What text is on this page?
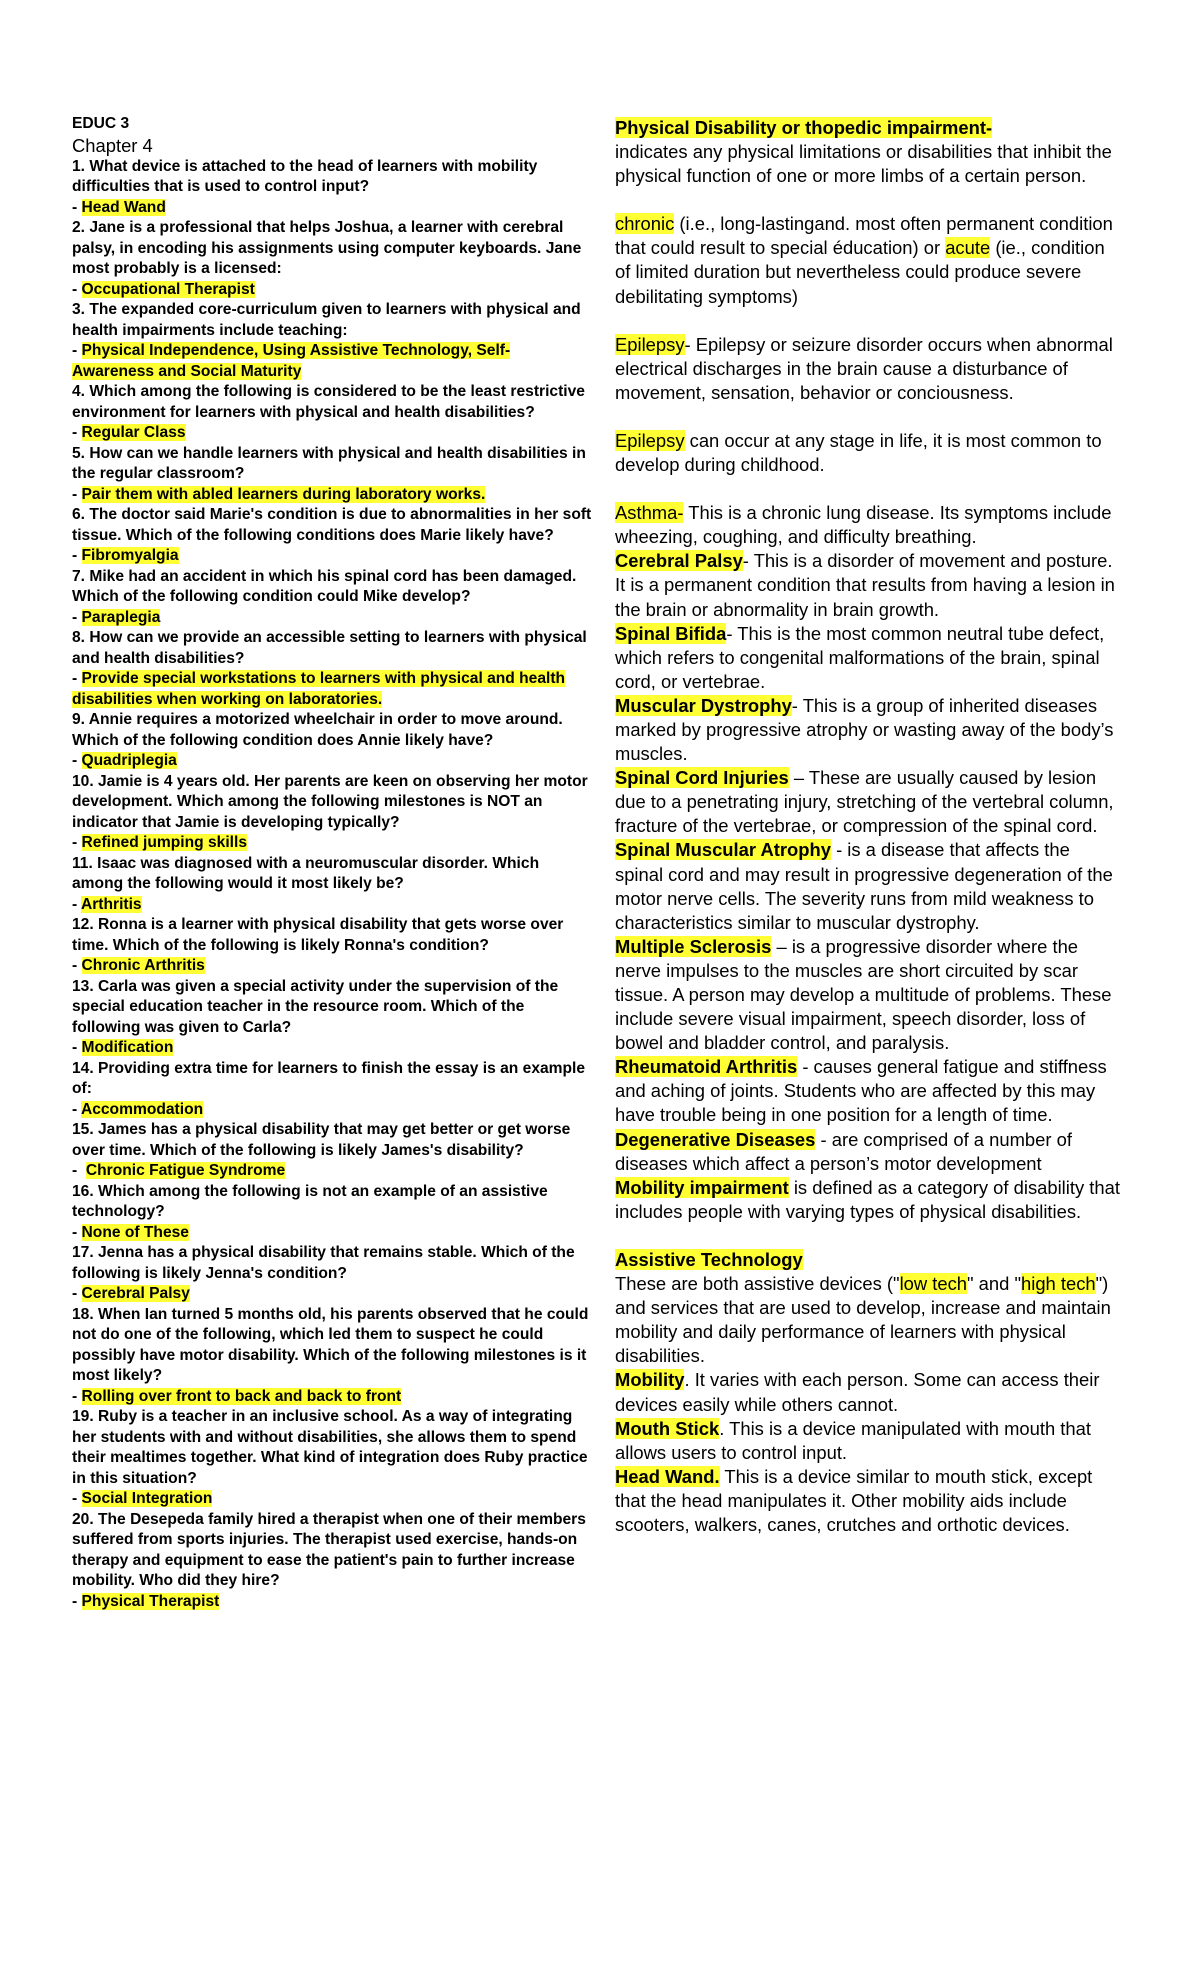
EDUC 3
Chapter 4
1. What device is attached to the head of learners with mobility difficulties that is used to control input?
- Head Wand
2. Jane is a professional that helps Joshua, a learner with cerebral palsy, in encoding his assignments using computer keyboards. Jane most probably is a licensed:
- Occupational Therapist
3. The expanded core-curriculum given to learners with physical and health impairments include teaching:
- Physical Independence, Using Assistive Technology, Self-Awareness and Social Maturity
4. Which among the following is considered to be the least restrictive environment for learners with physical and health disabilities?
- Regular Class
5. How can we handle learners with physical and health disabilities in the regular classroom?
- Pair them with abled learners during laboratory works.
6. The doctor said Marie's condition is due to abnormalities in her soft tissue. Which of the following conditions does Marie likely have?
- Fibromyalgia
7. Mike had an accident in which his spinal cord has been damaged. Which of the following condition could Mike develop?
- Paraplegia
8. How can we provide an accessible setting to learners with physical and health disabilities?
- Provide special workstations to learners with physical and health disabilities when working on laboratories.
9. Annie requires a motorized wheelchair in order to move around. Which of the following condition does Annie likely have?
- Quadriplegia
10. Jamie is 4 years old. Her parents are keen on observing her motor development. Which among the following milestones is NOT an indicator that Jamie is developing typically?
- Refined jumping skills
11. Isaac was diagnosed with a neuromuscular disorder. Which among the following would it most likely be?
- Arthritis
12. Ronna is a learner with physical disability that gets worse over time. Which of the following is likely Ronna's condition?
- Chronic Arthritis
13. Carla was given a special activity under the supervision of the special education teacher in the resource room. Which of the following was given to Carla?
- Modification
14. Providing extra time for learners to finish the essay is an example of:
- Accommodation
15. James has a physical disability that may get better or get worse over time. Which of the following is likely James's disability?
-  Chronic Fatigue Syndrome
16. Which among the following is not an example of an assistive technology?
- None of These
17. Jenna has a physical disability that remains stable. Which of the following is likely Jenna's condition?
- Cerebral Palsy
18. When Ian turned 5 months old, his parents observed that he could not do one of the following, which led them to suspect he could possibly have motor disability. Which of the following milestones is it most likely?
- Rolling over front to back and back to front
19. Ruby is a teacher in an inclusive school. As a way of integrating her students with and without disabilities, she allows them to spend their mealtimes together. What kind of integration does Ruby practice in this situation?
- Social Integration
20. The Desepeda family hired a therapist when one of their members suffered from sports injuries. The therapist used exercise, hands-on therapy and equipment to ease the patient's pain to further increase mobility. Who did they hire?
- Physical Therapist

Physical Disability or thopedic impairment-
indicates any physical limitations or disabilities that inhibit the physical function of one or more limbs of a certain person.

chronic (i.e., long-lastingand. most often permanent condition that could result to special éducation) or acute (ie., condition of limited duration but nevertheless could produce severe debilitating symptoms)

Epilepsy- Epilepsy or seizure disorder occurs when abnormal electrical discharges in the brain cause a disturbance of movement, sensation, behavior or conciousness.

Epilepsy can occur at any stage in life, it is most common to develop during childhood.

Asthma- This is a chronic lung disease. Its symptoms include wheezing, coughing, and difficulty breathing.

Cerebral Palsy- This is a disorder of movement and posture. It is a permanent condition that results from having a lesion in the brain or abnormality in brain growth.

Spinal Bifida- This is the most common neutral tube defect, which refers to congenital malformations of the brain, spinal cord, or vertebrae.

Muscular Dystrophy- This is a group of inherited diseases marked by progressive atrophy or wasting away of the body’s muscles.

Spinal Cord Injuries – These are usually caused by lesion due to a penetrating injury, stretching of the vertebral column, fracture of the vertebrae, or compression of the spinal cord.

Spinal Muscular Atrophy - is a disease that affects the spinal cord and may result in progressive degeneration of the motor nerve cells. The severity runs from mild weakness to characteristics similar to muscular dystrophy.

Multiple Sclerosis – is a progressive disorder where the nerve impulses to the muscles are short circuited by scar tissue. A person may develop a multitude of problems. These include severe visual impairment, speech disorder, loss of bowel and bladder control, and paralysis.

Rheumatoid Arthritis - causes general fatigue and stiffness and aching of joints. Students who are affected by this may have trouble being in one position for a length of time.

Degenerative Diseases - are comprised of a number of diseases which affect a person’s motor development

Mobility impairment is defined as a category of disability that includes people with varying types of physical disabilities.

Assistive Technology
These are both assistive devices ("low tech" and "high tech") and services that are used to develop, increase and maintain mobility and daily performance of learners with physical disabilities.

Mobility. It varies with each person. Some can access their devices easily while others cannot.

Mouth Stick. This is a device manipulated with mouth that allows users to control input.

Head Wand. This is a device similar to mouth stick, except that the head manipulates it. Other mobility aids include scooters, walkers, canes, crutches and orthotic devices.
